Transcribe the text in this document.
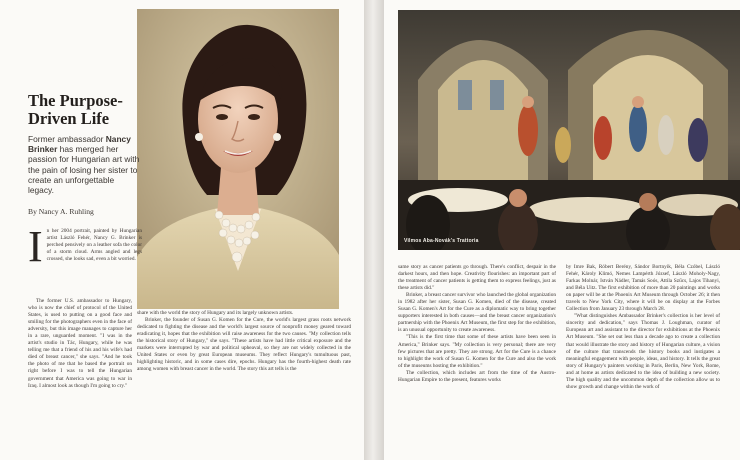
The Purpose-Driven Life

Former ambassador Nancy Brinker has merged her passion for Hungarian art with the pain of losing her sister to create an unforgettable legacy.

By Nancy A. Ruhling

In her 2004 portrait, painted by Hungarian artist László Fehér, Nancy G. Brinker is perched pensively on a leather sofa the color of a storm cloud. Arms angled and legs crossed, she looks sad, even a bit worried.

The former U.S. ambassador to Hungary, who is now the chief of protocol of the United States, is used to putting on a good face and smiling for the photographers even in the face of adversity, but this image manages to capture her in a rare, unguarded moment. "I was in the artist's studio in Tác, Hungary, while he was telling me that a friend of his and his wife's had died of breast cancer," she says. "And he took the photo of me that he based the portrait on right before I was to tell the Hungarian government that America was going to war in Iraq. I almost look as though I'm going to cry."

share with the world the story of Hungary and its largely unknown artists.

Brinker, the founder of Susan G. Komen for the Cure, the world's largest grass roots network dedicated to fighting the disease and the world's largest source of nonprofit money geared toward eradicating it, hopes that the exhibition will raise awareness for the two causes. "My collection tells the historical story of Hungary," she says. "These artists have had little critical exposure and the markets were interrupted by war and political upheaval, so they are not widely collected in the United States or even by great European museums. They reflect Hungary's tumultuous past, highlighting historic, and in some cases dire, epochs. Hungary has the fourth-highest death rate among women with breast cancer in the world. The story this art tells is the

Vilmos Aba-Novák's Trattoria

same story as cancer patients go through. There's conflict, despair in the darkest hours, and then hope. Creativity flourishes: an important part of the treatment of cancer patients is getting them to express feelings, just as these artists did."

Brinker, a breast cancer survivor who launched the global organization in 1982 after her sister, Susan G. Komen, died of the disease, created Susan G. Komen's Art for the Cure as a diplomatic way to bring together supporters interested in both causes—and the breast cancer organization's partnership with the Phoenix Art Museum, the first step for the exhibition, is an unusual opportunity to create awareness.

"This is the first time that some of these artists have been seen in America," Brinker says. "My collection is very personal; there are very few pictures that are pretty. They are strong. Art for the Cure is a chance to highlight the work of Susan G. Komen for the Cure and also the work of the museums hosting the exhibition."

The collection, which includes art from the time of the Austro-Hungarian Empire to the present, features works

by Imre Bak, Róbert Berény, Sándor Bortnyik, Béla Czóbel, László Fehér, Károly Klimó, Nemes Lampérth József, László Moholy-Nagy, Farkas Molnár, István Nádler, Tamás Soós, Attila Szűcs, Lajos Tihanyi, and Béla Uitz. The first exhibition of more than 20 paintings and works on paper will be at the Phoenix Art Museum through October 26; it then travels to New York City, where it will be on display at the Forbes Collection from January 23 through March 28.

"What distinguishes Ambassador Brinker's collection is her level of sincerity and dedication," says Thomas J. Loughman, curator of European art and assistant to the director for exhibitions at the Phoenix Art Museum. "She set out less than a decade ago to create a collection that would illustrate the story and history of Hungarian culture, a vision of the culture that transcends the history books and instigates a meaningful engagement with people, ideas, and history. It tells the great story of Hungary's painters working in Paris, Berlin, New York, Rome, and at home as artists dedicated to the idea of building a new society. The high quality and the uncommon depth of the collection allow us to show growth and change within the work of
